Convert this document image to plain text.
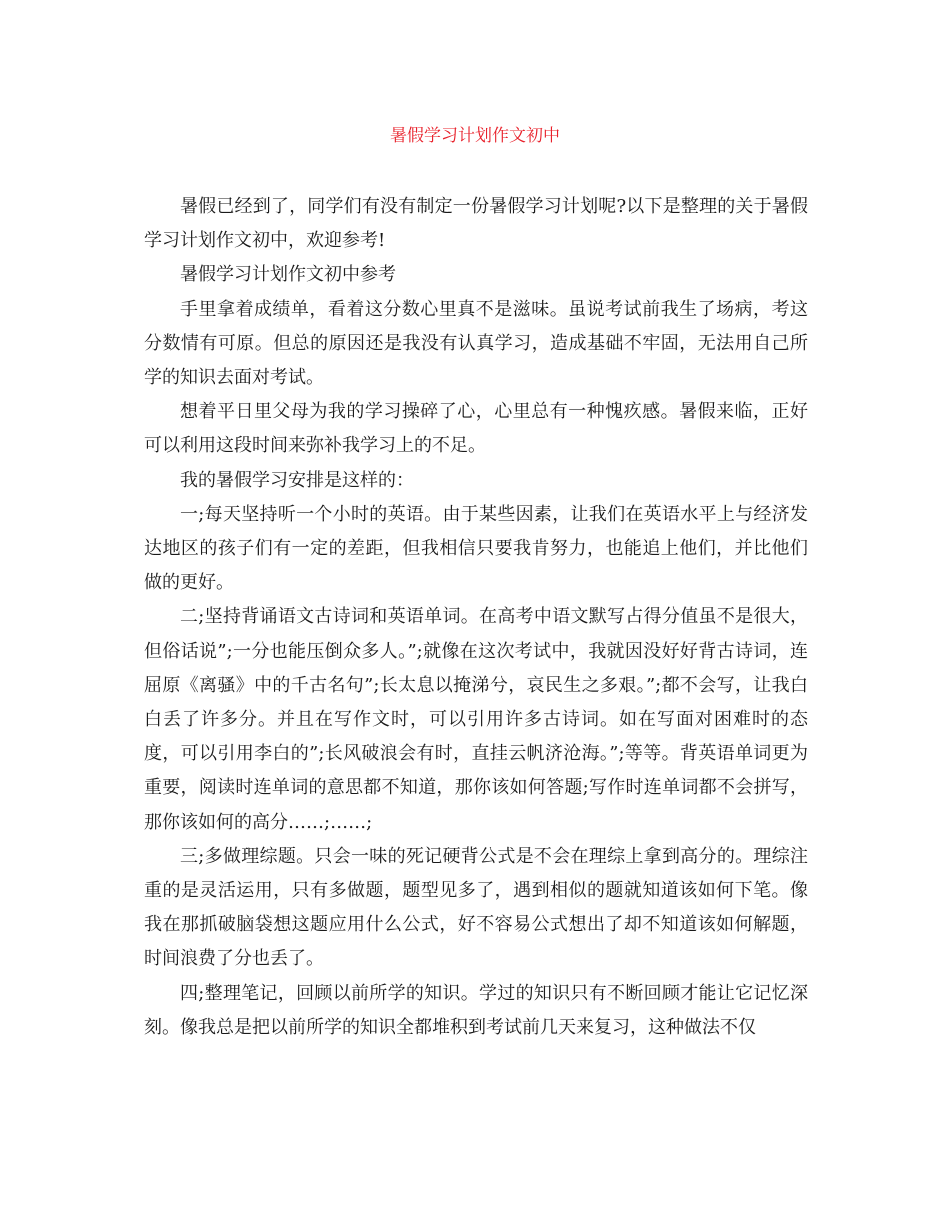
暑假学习计划作文初中

暑假已经到了，同学们有没有制定一份暑假学习计划呢?以下是整理的关于暑假学习计划作文初中，欢迎参考!

暑假学习计划作文初中参考

手里拿着成绩单，看着这分数心里真不是滋味。虽说考试前我生了场病，考这分数情有可原。但总的原因还是我没有认真学习，造成基础不牢固，无法用自己所学的知识去面对考试。

想着平日里父母为我的学习操碎了心，心里总有一种愧疚感。暑假来临，正好可以利用这段时间来弥补我学习上的不足。

我的暑假学习安排是这样的：

一;每天坚持听一个小时的英语。由于某些因素，让我们在英语水平上与经济发达地区的孩子们有一定的差距，但我相信只要我肯努力，也能追上他们，并比他们做的更好。

二;坚持背诵语文古诗词和英语单词。在高考中语文默写占得分值虽不是很大，但俗话说”;一分也能压倒众多人。”;就像在这次考试中，我就因没好好背古诗词，连屈原《离骚》中的千古名句”;长太息以掩涕兮，哀民生之多艰。”;都不会写，让我白白丢了许多分。并且在写作文时，可以引用许多古诗词。如在写面对困难时的态度，可以引用李白的”;长风破浪会有时，直挂云帆济沧海。”;等等。背英语单词更为重要，阅读时连单词的意思都不知道，那你该如何答题;写作时连单词都不会拼写，那你该如何的高分……;……;

三;多做理综题。只会一味的死记硬背公式是不会在理综上拿到高分的。理综注重的是灵活运用，只有多做题，题型见多了，遇到相似的题就知道该如何下笔。像我在那抓破脑袋想这题应用什么公式，好不容易公式想出了却不知道该如何解题，时间浪费了分也丢了。

四;整理笔记，回顾以前所学的知识。学过的知识只有不断回顾才能让它记忆深刻。像我总是把以前所学的知识全都堆积到考试前几天来复习，这种做法不仅
